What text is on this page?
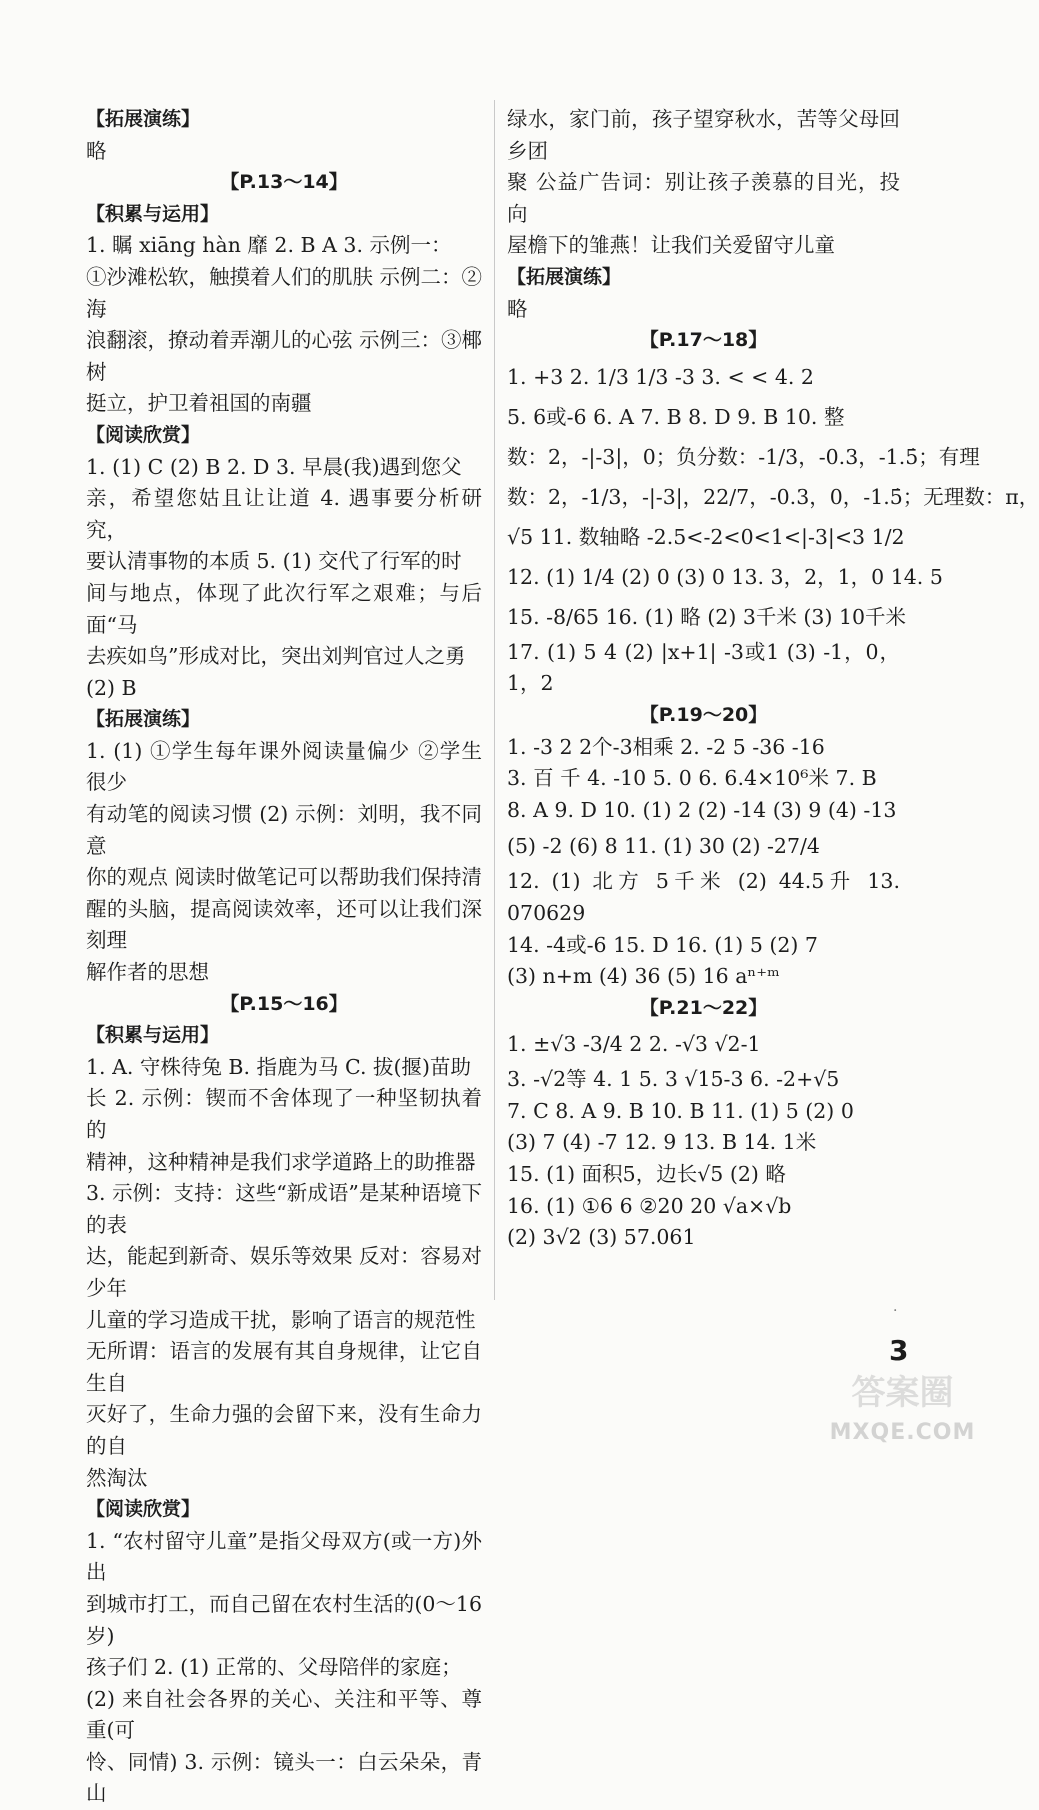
【拓展演练】
略
【P.13～14】
【积累与运用】
1. 瞩 xiāng hàn 靡 2. B A 3. 示例一：
①沙滩松软，触摸着人们的肌肤 示例二：②海
浪翻滚，撩动着弄潮儿的心弦 示例三：③椰树
挺立，护卫着祖国的南疆
【阅读欣赏】
1. (1) C (2) B 2. D 3. 早晨(我)遇到您父
亲，希望您姑且让让道 4. 遇事要分析研究，
要认清事物的本质 5. (1) 交代了行军的时
间与地点，体现了此次行军之艰难；与后面“马
去疾如鸟”形成对比，突出刘判官过人之勇
(2) B
【拓展演练】
1. (1) ①学生每年课外阅读量偏少 ②学生很少
有动笔的阅读习惯 (2) 示例：刘明，我不同意
你的观点 阅读时做笔记可以帮助我们保持清
醒的头脑，提高阅读效率，还可以让我们深刻理
解作者的思想
【P.15～16】
【积累与运用】
1. A. 守株待兔 B. 指鹿为马 C. 拔(揠)苗助
长 2. 示例：锲而不舍体现了一种坚韧执着的
精神，这种精神是我们求学道路上的助推器
3. 示例：支持：这些“新成语”是某种语境下的表
达，能起到新奇、娱乐等效果 反对：容易对少年
儿童的学习造成干扰，影响了语言的规范性
无所谓：语言的发展有其自身规律，让它自生自
灭好了，生命力强的会留下来，没有生命力的自
然淘汰
【阅读欣赏】
1. “农村留守儿童”是指父母双方(或一方)外出
到城市打工，而自己留在农村生活的(0～16岁)
孩子们 2. (1) 正常的、父母陪伴的家庭；
(2) 来自社会各界的关心、关注和平等、尊重(可
怜、同情) 3. 示例：镜头一：白云朵朵，青山
绿水，家门前，孩子望穿秋水，苦等父母回乡团
聚 公益广告词：别让孩子羡慕的目光，投向
屋檐下的雏燕！让我们关爱留守儿童
【拓展演练】
略
【P.17～18】
1. +3 2. 1/3 1/3 -3 3. < < 4. 2
5. 6或-6 6. A 7. B 8. D 9. B 10. 整
数：2，-|-3|，0；负分数：-1/3，-0.3，-1.5̇；有理
数：2，-1/3，-|-3|，22/7，-0.3，0，-1.5̇；无理数：π，
√5 11. 数轴略 -2.5<-2<0<1<|-3|<3 1/2
12. (1) 1/4 (2) 0 (3) 0 13. 3，2，1，0 14. 5
15. -8/65 16. (1) 略 (2) 3千米 (3) 10千米
17. (1) 5 4 (2) |x+1| -3或1 (3) -1，0，1，2
【P.19～20】
1. -3 2 2个-3相乘 2. -2 5 -36 -16
3. 百 千 4. -10 5. 0 6. 6.4×10⁶米 7. B
8. A 9. D 10. (1) 2 (2) -14 (3) 9 (4) -13
(5) -2 (6) 8 11. (1) 30 (2) -27/4
12. (1) 北方 5千米 (2) 44.5升 13. 070629
14. -4或-6 15. D 16. (1) 5 (2) 7
(3) n+m (4) 36 (5) 16 aⁿ⁺ᵐ
【P.21～22】
1. ±√3 -3/4 2 2. -√3 √2-1
3. -√2等 4. 1 5. 3 √15-3 6. -2+√5
7. C 8. A 9. B 10. B 11. (1) 5 (2) 0
(3) 7 (4) -7 12. 9 13. B 14. 1米
15. (1) 面积5，边长√5 (2) 略
16. (1) ①6 6 ②20 20 √a×√b
(2) 3√2 (3) 57.061
·
3
答案圈
MXQE.COM
